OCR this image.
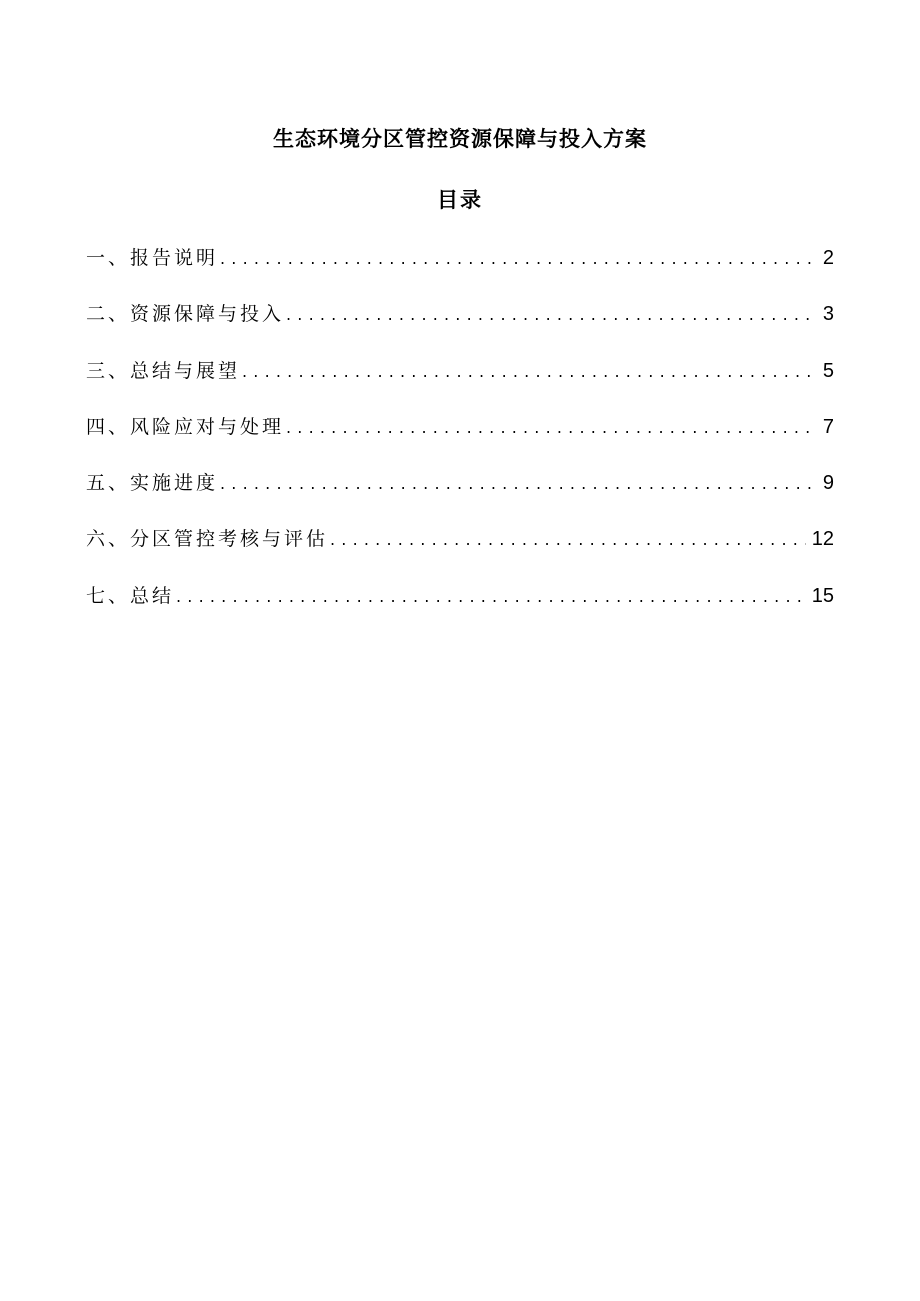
生态环境分区管控资源保障与投入方案
目录
一、报告说明 .....	2
二、资源保障与投入 .....	3
三、总结与展望 .....	5
四、风险应对与处理 .....	7
五、实施进度 .....	9
六、分区管控考核与评估 .....	12
七、总结 .....	15
